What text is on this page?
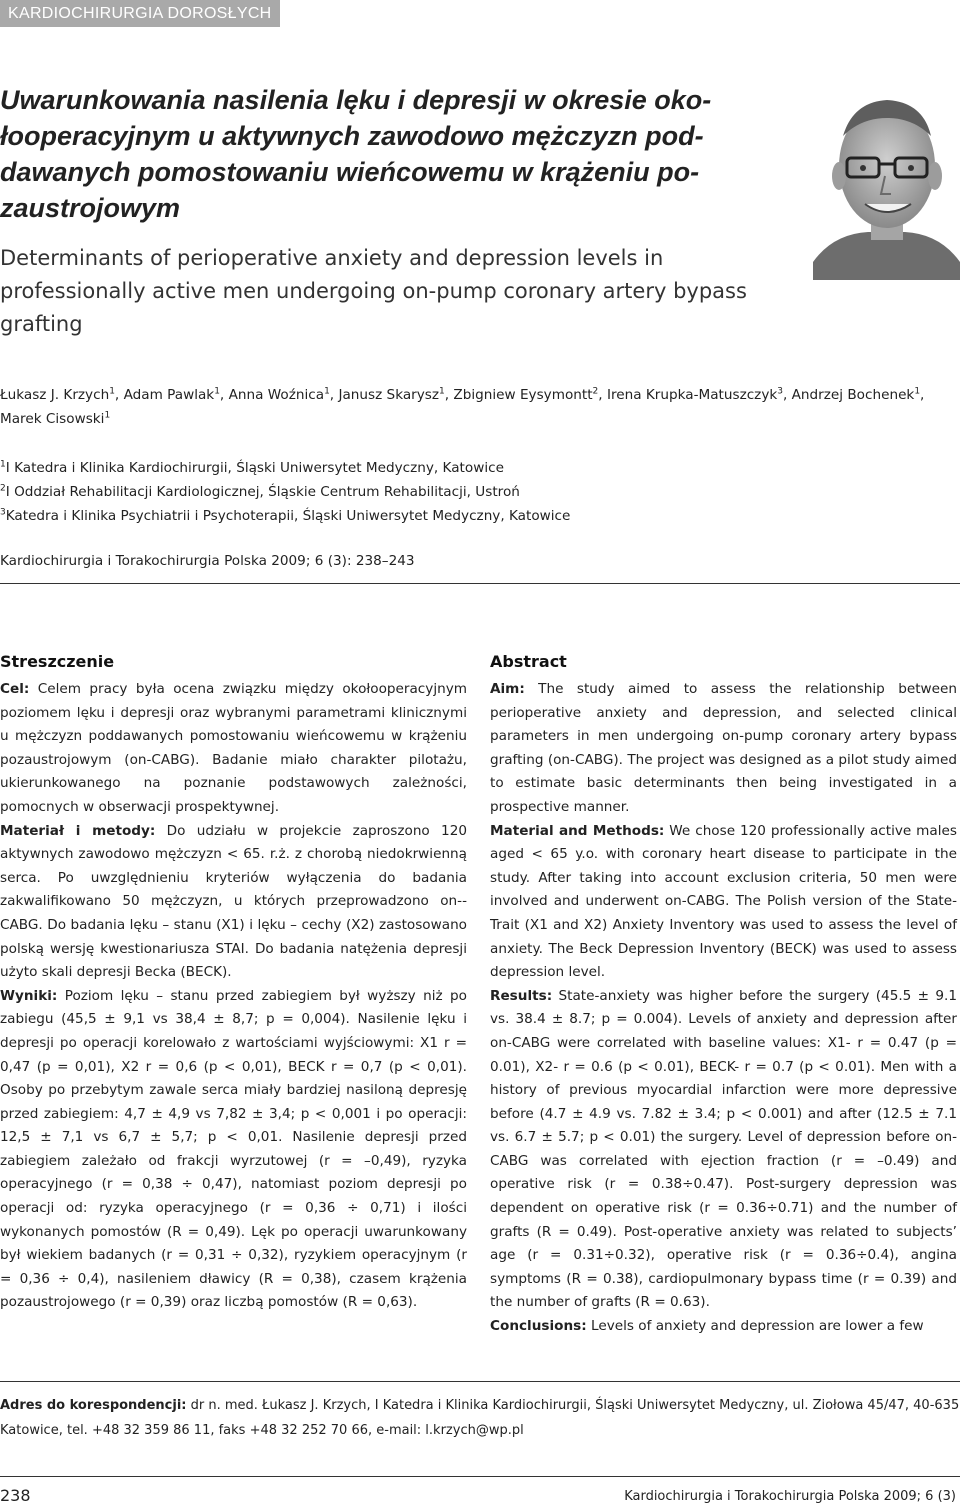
KARDIOCHIRURGIA DOROSŁYCH
Uwarunkowania nasilenia lęku i depresji w okresie oko-łooperacyjnym u aktywnych zawodowo mężczyzn pod-dawanych pomostowaniu wieńcowemu w krążeniu po-zaustrojowym
Determinants of perioperative anxiety and depression levels in professionally active men undergoing on-pump coronary artery bypass grafting
Łukasz J. Krzych$^1$, Adam Pawlak$^1$, Anna Woźnica$^1$, Janusz Skarysz$^1$, Zbigniew Eysymontt$^2$, Irena Krupka-Matuszczyk$^3$, Andrzej Bochenek$^1$, Marek Cisowski$^1$
$^1$I Katedra i Klinika Kardiochirurgii, Śląski Uniwersytet Medyczny, Katowice
$^2$I Oddział Rehabilitacji Kardiologicznej, Śląskie Centrum Rehabilitacji, Ustroń
$^3$Katedra i Klinika Psychiatrii i Psychoterapii, Śląski Uniwersytet Medyczny, Katowice
Kardiochirurgia i Torakochirurgia Polska 2009; 6 (3): 238–243
Streszczenie

Cel: Celem pracy była ocena związku między okołooperacyjnym poziomem lęku i depresji oraz wybranymi parametrami klinicznymi u mężczyzn poddawanych pomostowaniu wieńcowemu w krążeniu pozaustrojowym (on-CABG). Badanie miało charakter pilotażu, ukierunkowanego na poznanie podstawowych zależności, pomocnych w obserwacji prospektywnej.

Materiał i metody: Do udziału w projekcie zaproszono 120 aktywnych zawodowo mężczyzn < 65. r.ż. z chorobą niedokrwienną serca. Po uwzględnieniu kryteriów wyłączenia do badania zakwalifikowano 50 mężczyzn, u których przeprowadzono on--CABG. Do badania lęku – stanu (X1) i lęku – cechy (X2) zastosowano polską wersję kwestionariusza STAI. Do badania natężenia depresji użyto skali depresji Becka (BECK).

Wyniki: Poziom lęku – stanu przed zabiegiem był wyższy niż po zabiegu (45,5 ± 9,1 vs 38,4 ± 8,7; p = 0,004). Nasilenie lęku i depresji po operacji korelowało z wartościami wyjściowymi: X1 r = 0,47 (p = 0,01), X2 r = 0,6 (p < 0,01), BECK r = 0,7 (p < 0,01). Osoby po przebytym zawale serca miały bardziej nasiloną depresję przed zabiegiem: 4,7 ± 4,9 vs 7,82 ± 3,4; p < 0,001 i po operacji: 12,5 ± 7,1 vs 6,7 ± 5,7; p < 0,01. Nasilenie depresji przed zabiegiem zależało od frakcji wyrzutowej (r = –0,49), ryzyka operacyjnego (r = 0,38 ÷ 0,47), natomiast poziom depresji po operacji od: ryzyka operacyjnego (r = 0,36 ÷ 0,71) i ilości wykonanych pomostów (R = 0,49). Lęk po operacji uwarunkowany był wiekiem badanych (r = 0,31 ÷ 0,32), ryzykiem operacyjnym (r = 0,36 ÷ 0,4), nasileniem dławicy (R = 0,38), czasem krążenia pozaustrojowego (r = 0,39) oraz liczbą pomostów (R = 0,63).

Abstract

Aim: The study aimed to assess the relationship between perioperative anxiety and depression, and selected clinical parameters in men undergoing on-pump coronary artery bypass grafting (on-CABG). The project was designed as a pilot study aimed to estimate basic determinants then being investigated in a prospective manner.

Material and Methods: We chose 120 professionally active males aged < 65 y.o. with coronary heart disease to participate in the study. After taking into account exclusion criteria, 50 men were involved and underwent on-CABG. The Polish version of the State-Trait (X1 and X2) Anxiety Inventory was used to assess the level of anxiety. The Beck Depression Inventory (BECK) was used to assess depression level.

Results: State-anxiety was higher before the surgery (45.5 ± 9.1 vs. 38.4 ± 8.7; p = 0.004). Levels of anxiety and depression after on-CABG were correlated with baseline values: X1- r = 0.47 (p = 0.01), X2- r = 0.6 (p < 0.01), BECK- r = 0.7 (p < 0.01). Men with a history of previous myocardial infarction were more depressive before (4.7 ± 4.9 vs. 7.82 ± 3.4; p < 0.001) and after (12.5 ± 7.1 vs. 6.7 ± 5.7; p < 0.01) the surgery. Level of depression before on-CABG was correlated with ejection fraction (r = –0.49) and operative risk (r = 0.38÷0.47). Post-surgery depression was dependent on operative risk (r = 0.36÷0.71) and the number of grafts (R = 0.49). Post-operative anxiety was related to subjects’ age (r = 0.31÷0.32), operative risk (r = 0.36÷0.4), angina symptoms (R = 0.38), cardiopulmonary bypass time (r = 0.39) and the number of grafts (R = 0.63).

Conclusions: Levels of anxiety and depression are lower a few

Adres do korespondencji: dr n. med. Łukasz J. Krzych, I Katedra i Klinika Kardiochirurgii, Śląski Uniwersytet Medyczny, ul. Ziołowa 45/47, 40-635 Katowice, tel. +48 32 359 86 11, faks +48 32 252 70 66, e-mail: l.krzych@wp.pl
238	Kardiochirurgia i Torakochirurgia Polska 2009; 6 (3)
